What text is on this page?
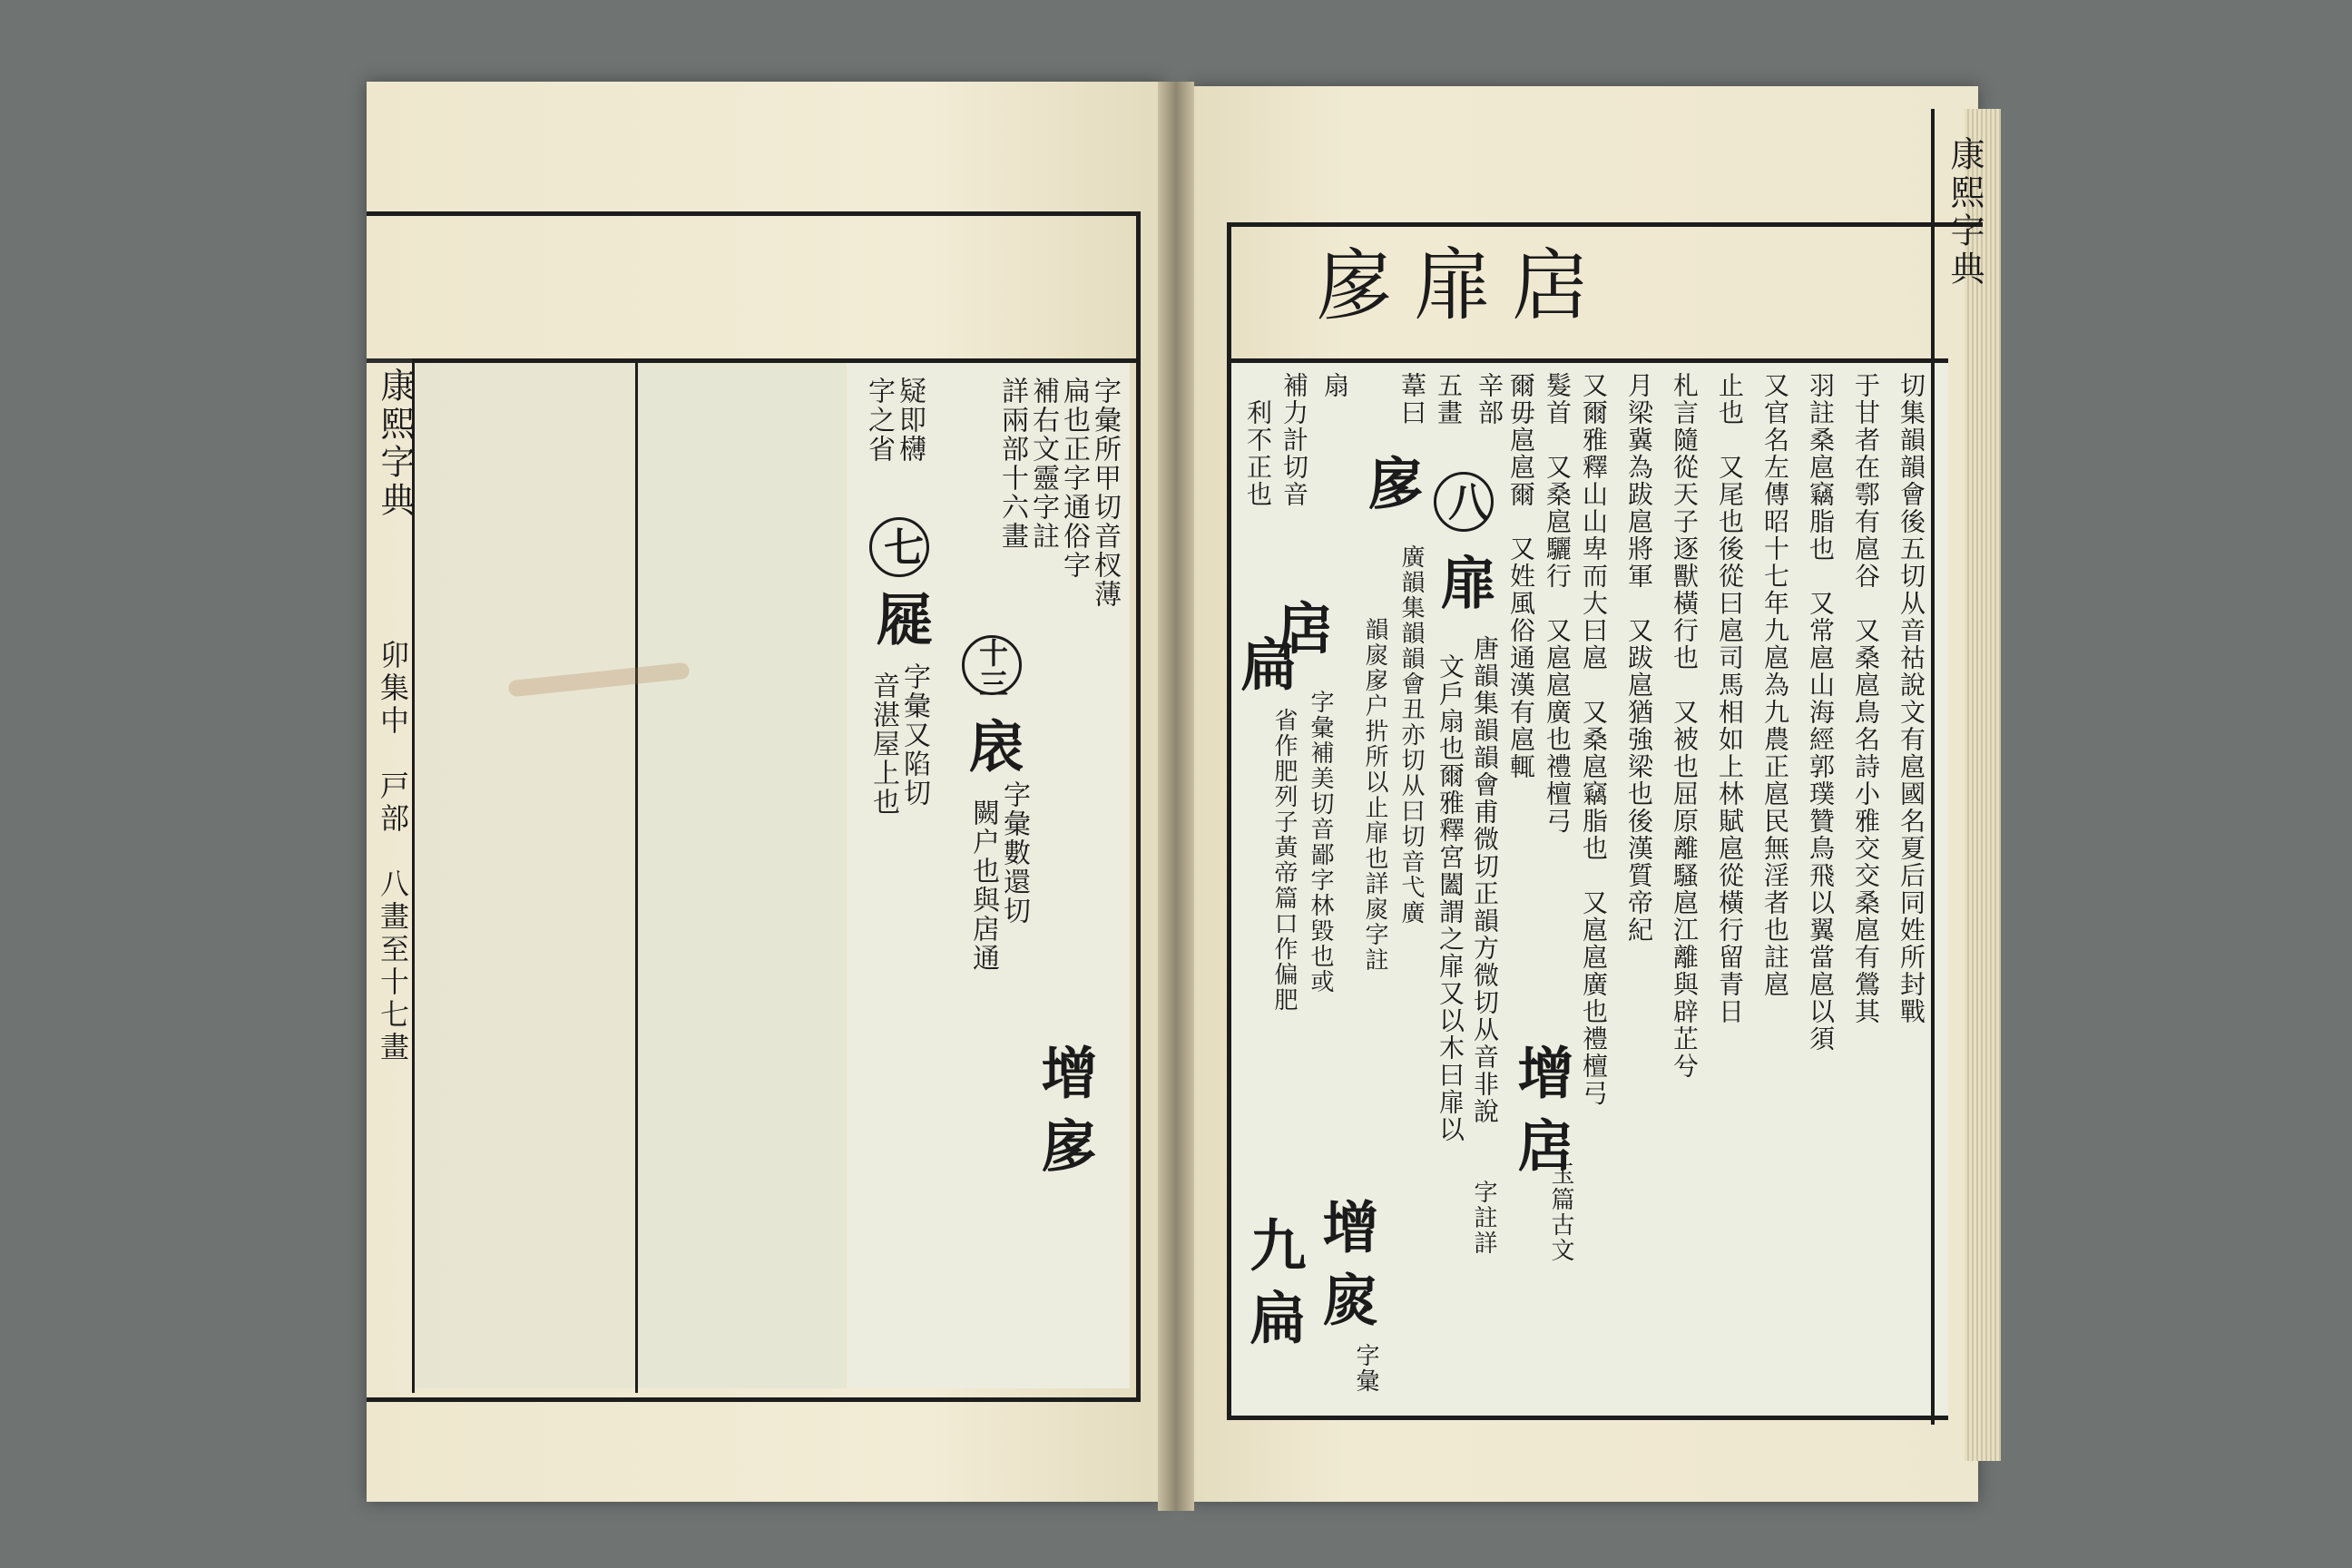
康熙字典
卯集中　戸部　八畫至十七畫
字彙所甲切音杈薄
扁也正字通俗字
補右文靈字註
詳兩部十六畫
疑即欂
字之省
七
屣
字彙又陷切
音湛屋上也
十三
扆
字彙數還切
闕户也與扂通
增
扅
扅扉扂	康熙字典
切集韻韻會後五切从音祜說文有扈國名夏后同姓所封戰
于甘者在鄠有扈谷　又桑扈鳥名詩小雅交交桑扈有鶯其
羽註桑扈竊脂也　又常扈山海經郭璞贊鳥飛以翼當扈以須
又官名左傳昭十七年九扈為九農正扈民無淫者也註扈
止也　又尾也後從曰扈司馬相如上林賦扈從橫行留青日
札言隨從天子逐獸橫行也　又被也屈原離騷扈江離與辟芷兮
月梁冀為跋扈將軍　又跋扈猶強梁也後漢質帝紀
又爾雅釋山山卑而大曰扈　又桑扈竊脂也　又扈扈廣也禮檀弓
髮首　又桑扈驪行　又扈扈廣也禮檀弓
爾毋扈扈爾　又姓風俗通漢有扈輒
辛部
五畫
八
扉
唐韻集韻韻會甫微切正韻方微切从音非說
文戶扇也爾雅釋宮闔謂之扉又以木曰扉以
葦曰
扅
廣韻集韻韻會丑亦切从曰切音弋廣
扇
韻扊扅户扸所以止扉也詳扊字註
補力計切音
扂
字彙補美切音鄙字林毀也或
利不正也
扁
省作肥列子黃帝篇口作偏肥
九
扁
增
扊
字彙
增
扂
玉篇古文
字註詳
